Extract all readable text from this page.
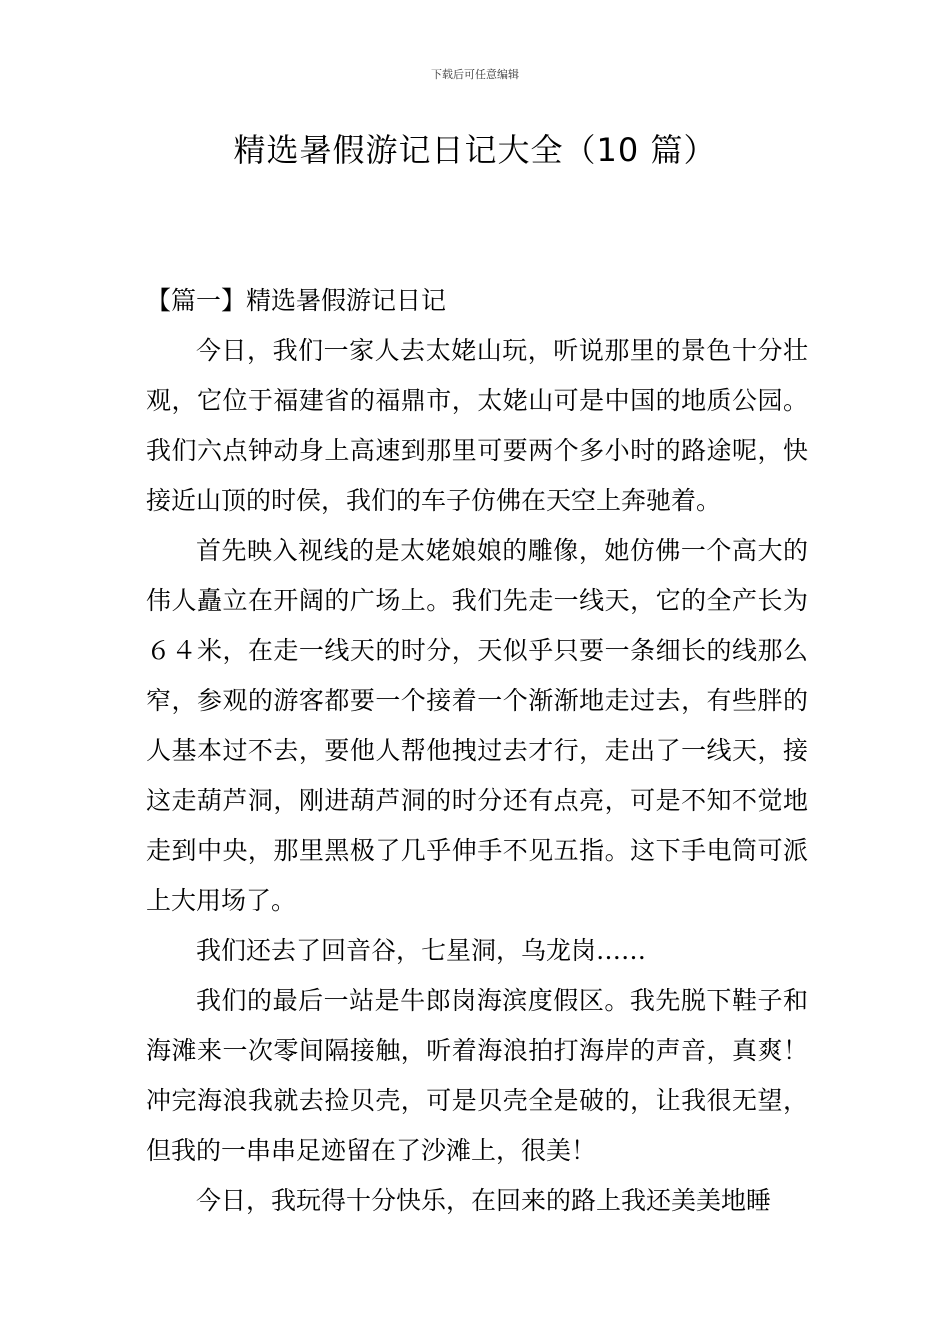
下载后可任意编辑
精选暑假游记日记大全（10 篇）

【篇一】精选暑假游记日记

今日，我们一家人去太姥山玩，听说那里的景色十分壮观，它位于福建省的福鼎市，太姥山可是中国的地质公园。我们六点钟动身上高速到那里可要两个多小时的路途呢，快接近山顶的时侯，我们的车子仿佛在天空上奔驰着。

首先映入视线的是太姥娘娘的雕像，她仿佛一个高大的伟人矗立在开阔的广场上。我们先走一线天，它的全产长为６４米，在走一线天的时分，天似乎只要一条细长的线那么窄，参观的游客都要一个接着一个渐渐地走过去，有些胖的人基本过不去，要他人帮他拽过去才行，走出了一线天，接这走葫芦洞，刚进葫芦洞的时分还有点亮，可是不知不觉地走到中央，那里黑极了几乎伸手不见五指。这下手电筒可派上大用场了。

我们还去了回音谷，七星洞，乌龙岗……

我们的最后一站是牛郎岗海滨度假区。我先脱下鞋子和海滩来一次零间隔接触，听着海浪拍打海岸的声音，真爽！冲完海浪我就去捡贝壳，可是贝壳全是破的，让我很无望，但我的一串串足迹留在了沙滩上，很美！

今日，我玩得十分快乐，在回来的路上我还美美地睡
